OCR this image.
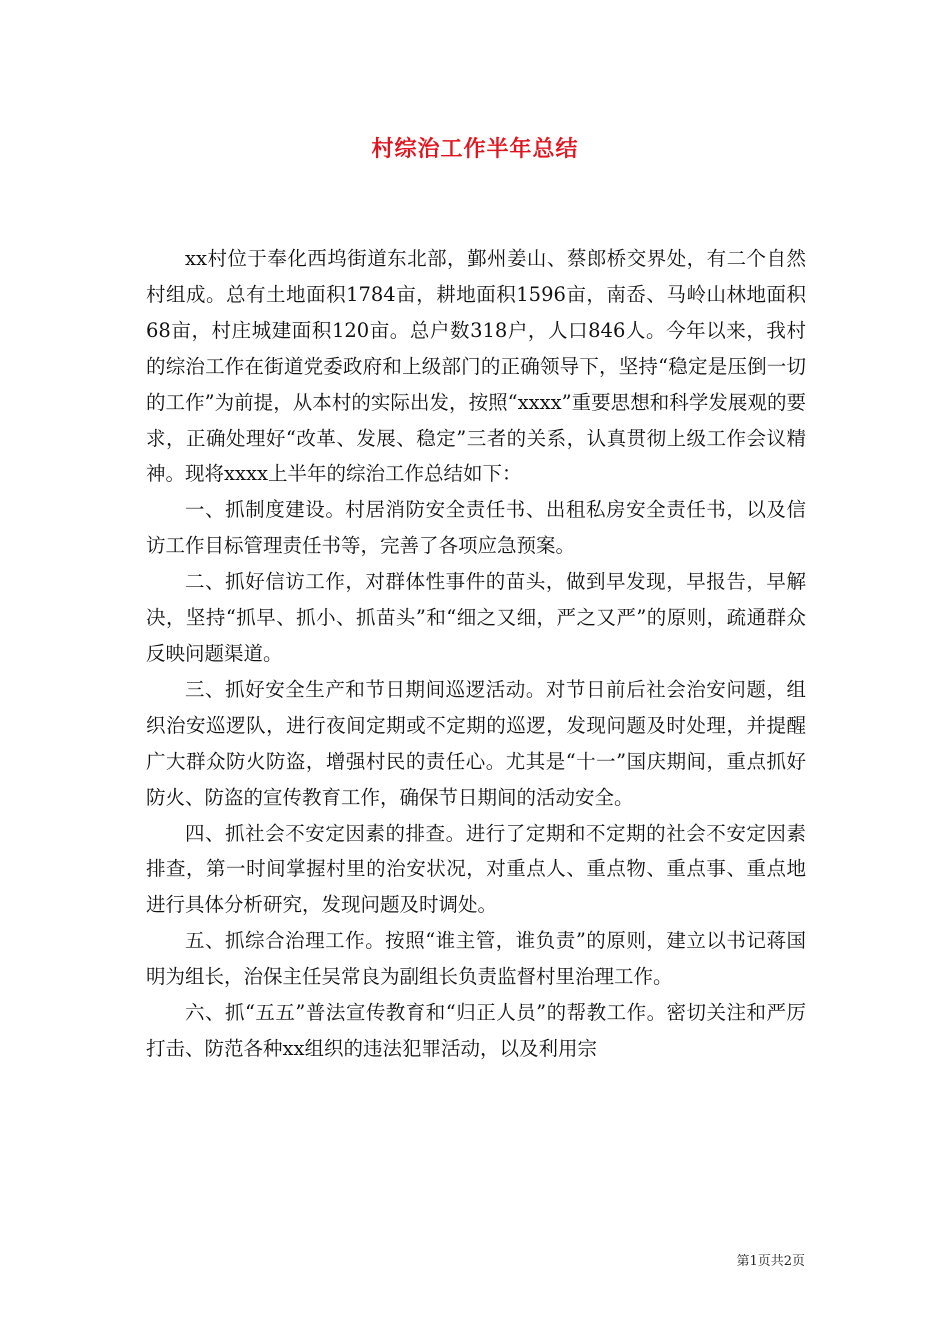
村综治工作半年总结

xx村位于奉化西坞街道东北部，鄞州姜山、蔡郎桥交界处，有二个自然村组成。总有土地面积1784亩，耕地面积1596亩，南岙、马岭山林地面积68亩，村庄城建面积120亩。总户数318户，人口846人。今年以来，我村的综治工作在街道党委政府和上级部门的正确领导下，坚持“稳定是压倒一切的工作”为前提，从本村的实际出发，按照“xxxx”重要思想和科学发展观的要求，正确处理好“改革、发展、稳定”三者的关系，认真贯彻上级工作会议精神。现将xxxx上半年的综治工作总结如下：

一、抓制度建设。村居消防安全责任书、出租私房安全责任书，以及信访工作目标管理责任书等，完善了各项应急预案。

二、抓好信访工作，对群体性事件的苗头，做到早发现，早报告，早解决，坚持“抓早、抓小、抓苗头”和“细之又细，严之又严”的原则，疏通群众反映问题渠道。

三、抓好安全生产和节日期间巡逻活动。对节日前后社会治安问题，组织治安巡逻队，进行夜间定期或不定期的巡逻，发现问题及时处理，并提醒广大群众防火防盗，增强村民的责任心。尤其是“十一”国庆期间，重点抓好防火、防盗的宣传教育工作，确保节日期间的活动安全。

四、抓社会不安定因素的排查。进行了定期和不定期的社会不安定因素排查，第一时间掌握村里的治安状况，对重点人、重点物、重点事、重点地进行具体分析研究，发现问题及时调处。

五、抓综合治理工作。按照“谁主管，谁负责”的原则，建立以书记蒋国明为组长，治保主任吴常良为副组长负责监督村里治理工作。

六、抓“五五”普法宣传教育和“归正人员”的帮教工作。密切关注和严厉打击、防范各种xx组织的违法犯罪活动，以及利用宗

第1页共2页
